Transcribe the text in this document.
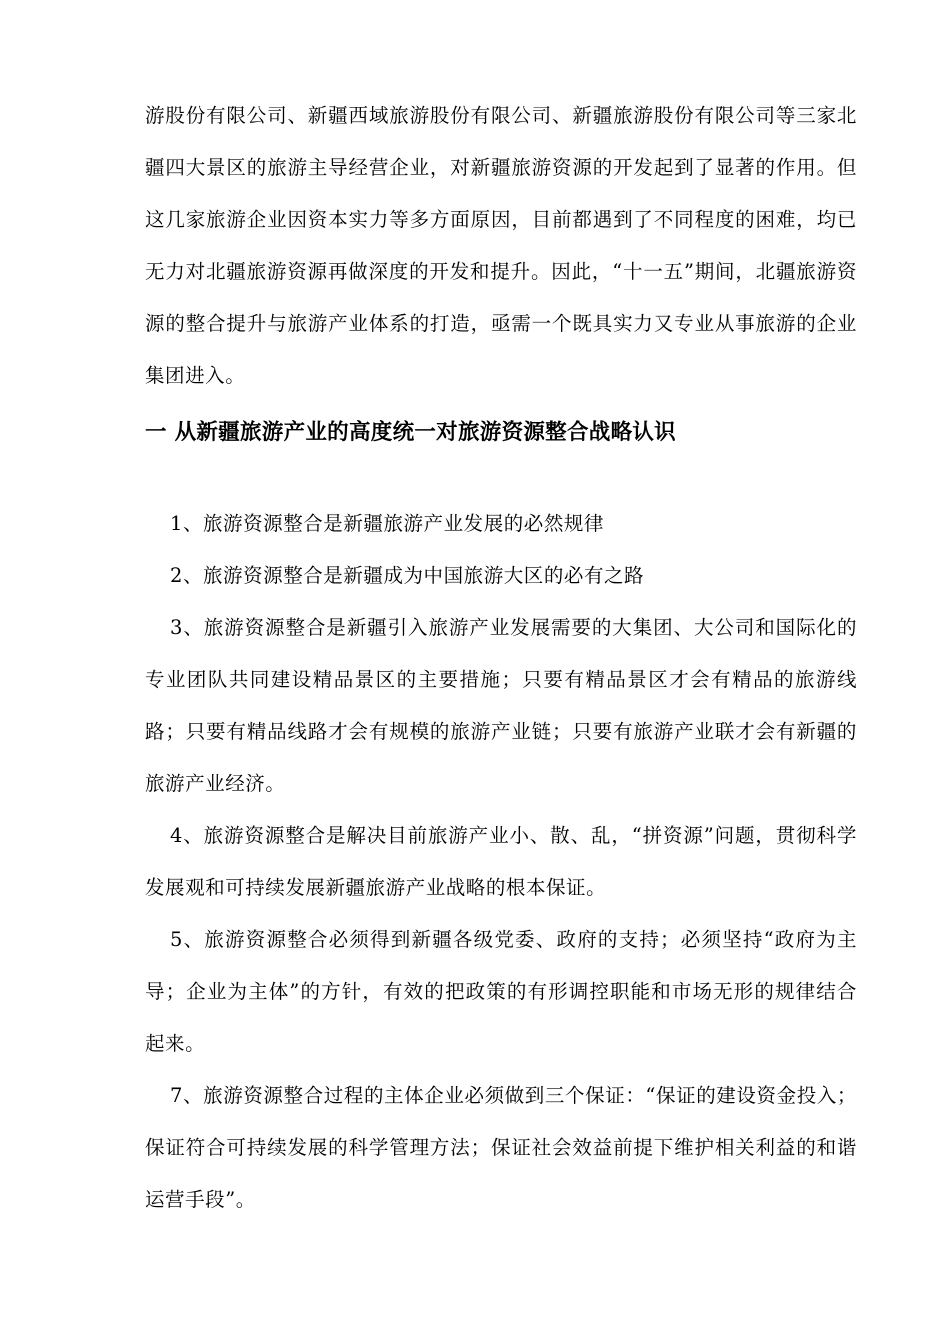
游股份有限公司、新疆西域旅游股份有限公司、新疆旅游股份有限公司等三家北疆四大景区的旅游主导经营企业，对新疆旅游资源的开发起到了显著的作用。但这几家旅游企业因资本实力等多方面原因，目前都遇到了不同程度的困难，均已无力对北疆旅游资源再做深度的开发和提升。因此，“十一五”期间，北疆旅游资源的整合提升与旅游产业体系的打造，亟需一个既具实力又专业从事旅游的企业集团进入。

一 从新疆旅游产业的高度统一对旅游资源整合战略认识

1、旅游资源整合是新疆旅游产业发展的必然规律

2、旅游资源整合是新疆成为中国旅游大区的必有之路

3、旅游资源整合是新疆引入旅游产业发展需要的大集团、大公司和国际化的专业团队共同建设精品景区的主要措施；只要有精品景区才会有精品的旅游线路；只要有精品线路才会有规模的旅游产业链；只要有旅游产业联才会有新疆的旅游产业经济。

4、旅游资源整合是解决目前旅游产业小、散、乱，“拼资源”问题，贯彻科学发展观和可持续发展新疆旅游产业战略的根本保证。

5、旅游资源整合必须得到新疆各级党委、政府的支持；必须坚持“政府为主导；企业为主体”的方针，有效的把政策的有形调控职能和市场无形的规律结合起来。

7、旅游资源整合过程的主体企业必须做到三个保证：“保证的建设资金投入；保证符合可持续发展的科学管理方法；保证社会效益前提下维护相关利益的和谐运营手段”。
